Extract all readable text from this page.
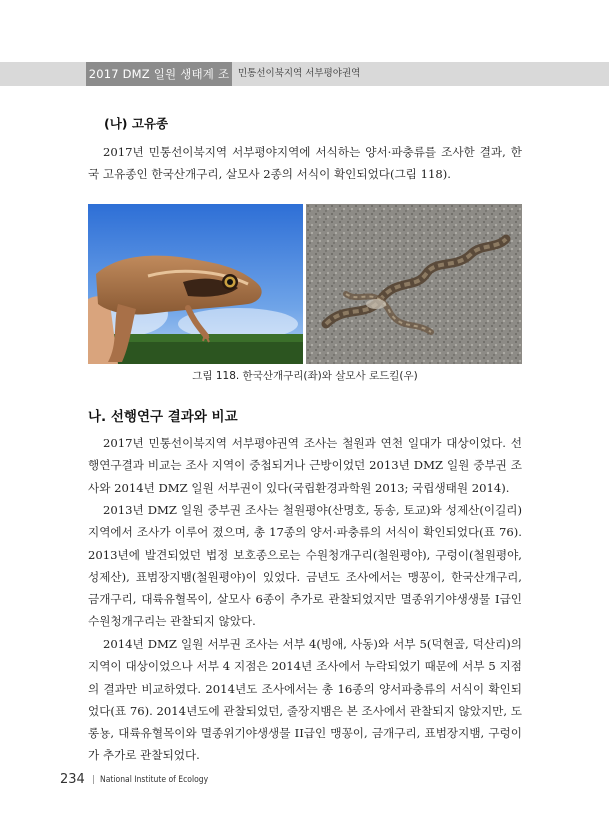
2017 DMZ 일원 생태계 조사
민통선이북지역 서부평야권역
(나) 고유종
2017년 민통선이북지역 서부평야지역에 서식하는 양서·파충류를 조사한 결과, 한국 고유종인 한국산개구리, 살모사 2종의 서식이 확인되었다(그림 118).
그림 118. 한국산개구리(좌)와 살모사 로드킬(우)
나. 선행연구 결과와 비교
2017년 민통선이북지역 서부평야권역 조사는 철원과 연천 일대가 대상이었다. 선행연구결과 비교는 조사 지역이 중첩되거나 근방이었던 2013년 DMZ 일원 중부권 조사와 2014년 DMZ 일원 서부권이 있다(국립환경과학원 2013; 국립생태원 2014).
2013년 DMZ 일원 중부권 조사는 철원평야(산명호, 동송, 토교)와 성제산(이길리) 지역에서 조사가 이루어 졌으며, 총 17종의 양서·파충류의 서식이 확인되었다(표 76). 2013년에 발견되었던 법정 보호종으로는 수원청개구리(철원평야), 구렁이(철원평야, 성제산), 표범장지뱀(철원평야)이 있었다. 금년도 조사에서는 맹꽁이, 한국산개구리, 금개구리, 대륙유혈목이, 살모사 6종이 추가로 관찰되었지만 멸종위기야생생물 I급인 수원청개구리는 관찰되지 않았다.
2014년 DMZ 일원 서부권 조사는 서부 4(빙애, 사동)와 서부 5(덕현골, 덕산리)의 지역이 대상이었으나 서부 4 지점은 2014년 조사에서 누락되었기 때문에 서부 5 지점의 결과만 비교하였다. 2014년도 조사에서는 총 16종의 양서파충류의 서식이 확인되었다(표 76). 2014년도에 관찰되었던, 줄장지뱀은 본 조사에서 관찰되지 않았지만, 도롱뇽, 대륙유혈목이와 멸종위기야생생물 II급인 맹꽁이, 금개구리, 표범장지뱀, 구렁이가 추가로 관찰되었다.
234 | National Institute of Ecology
